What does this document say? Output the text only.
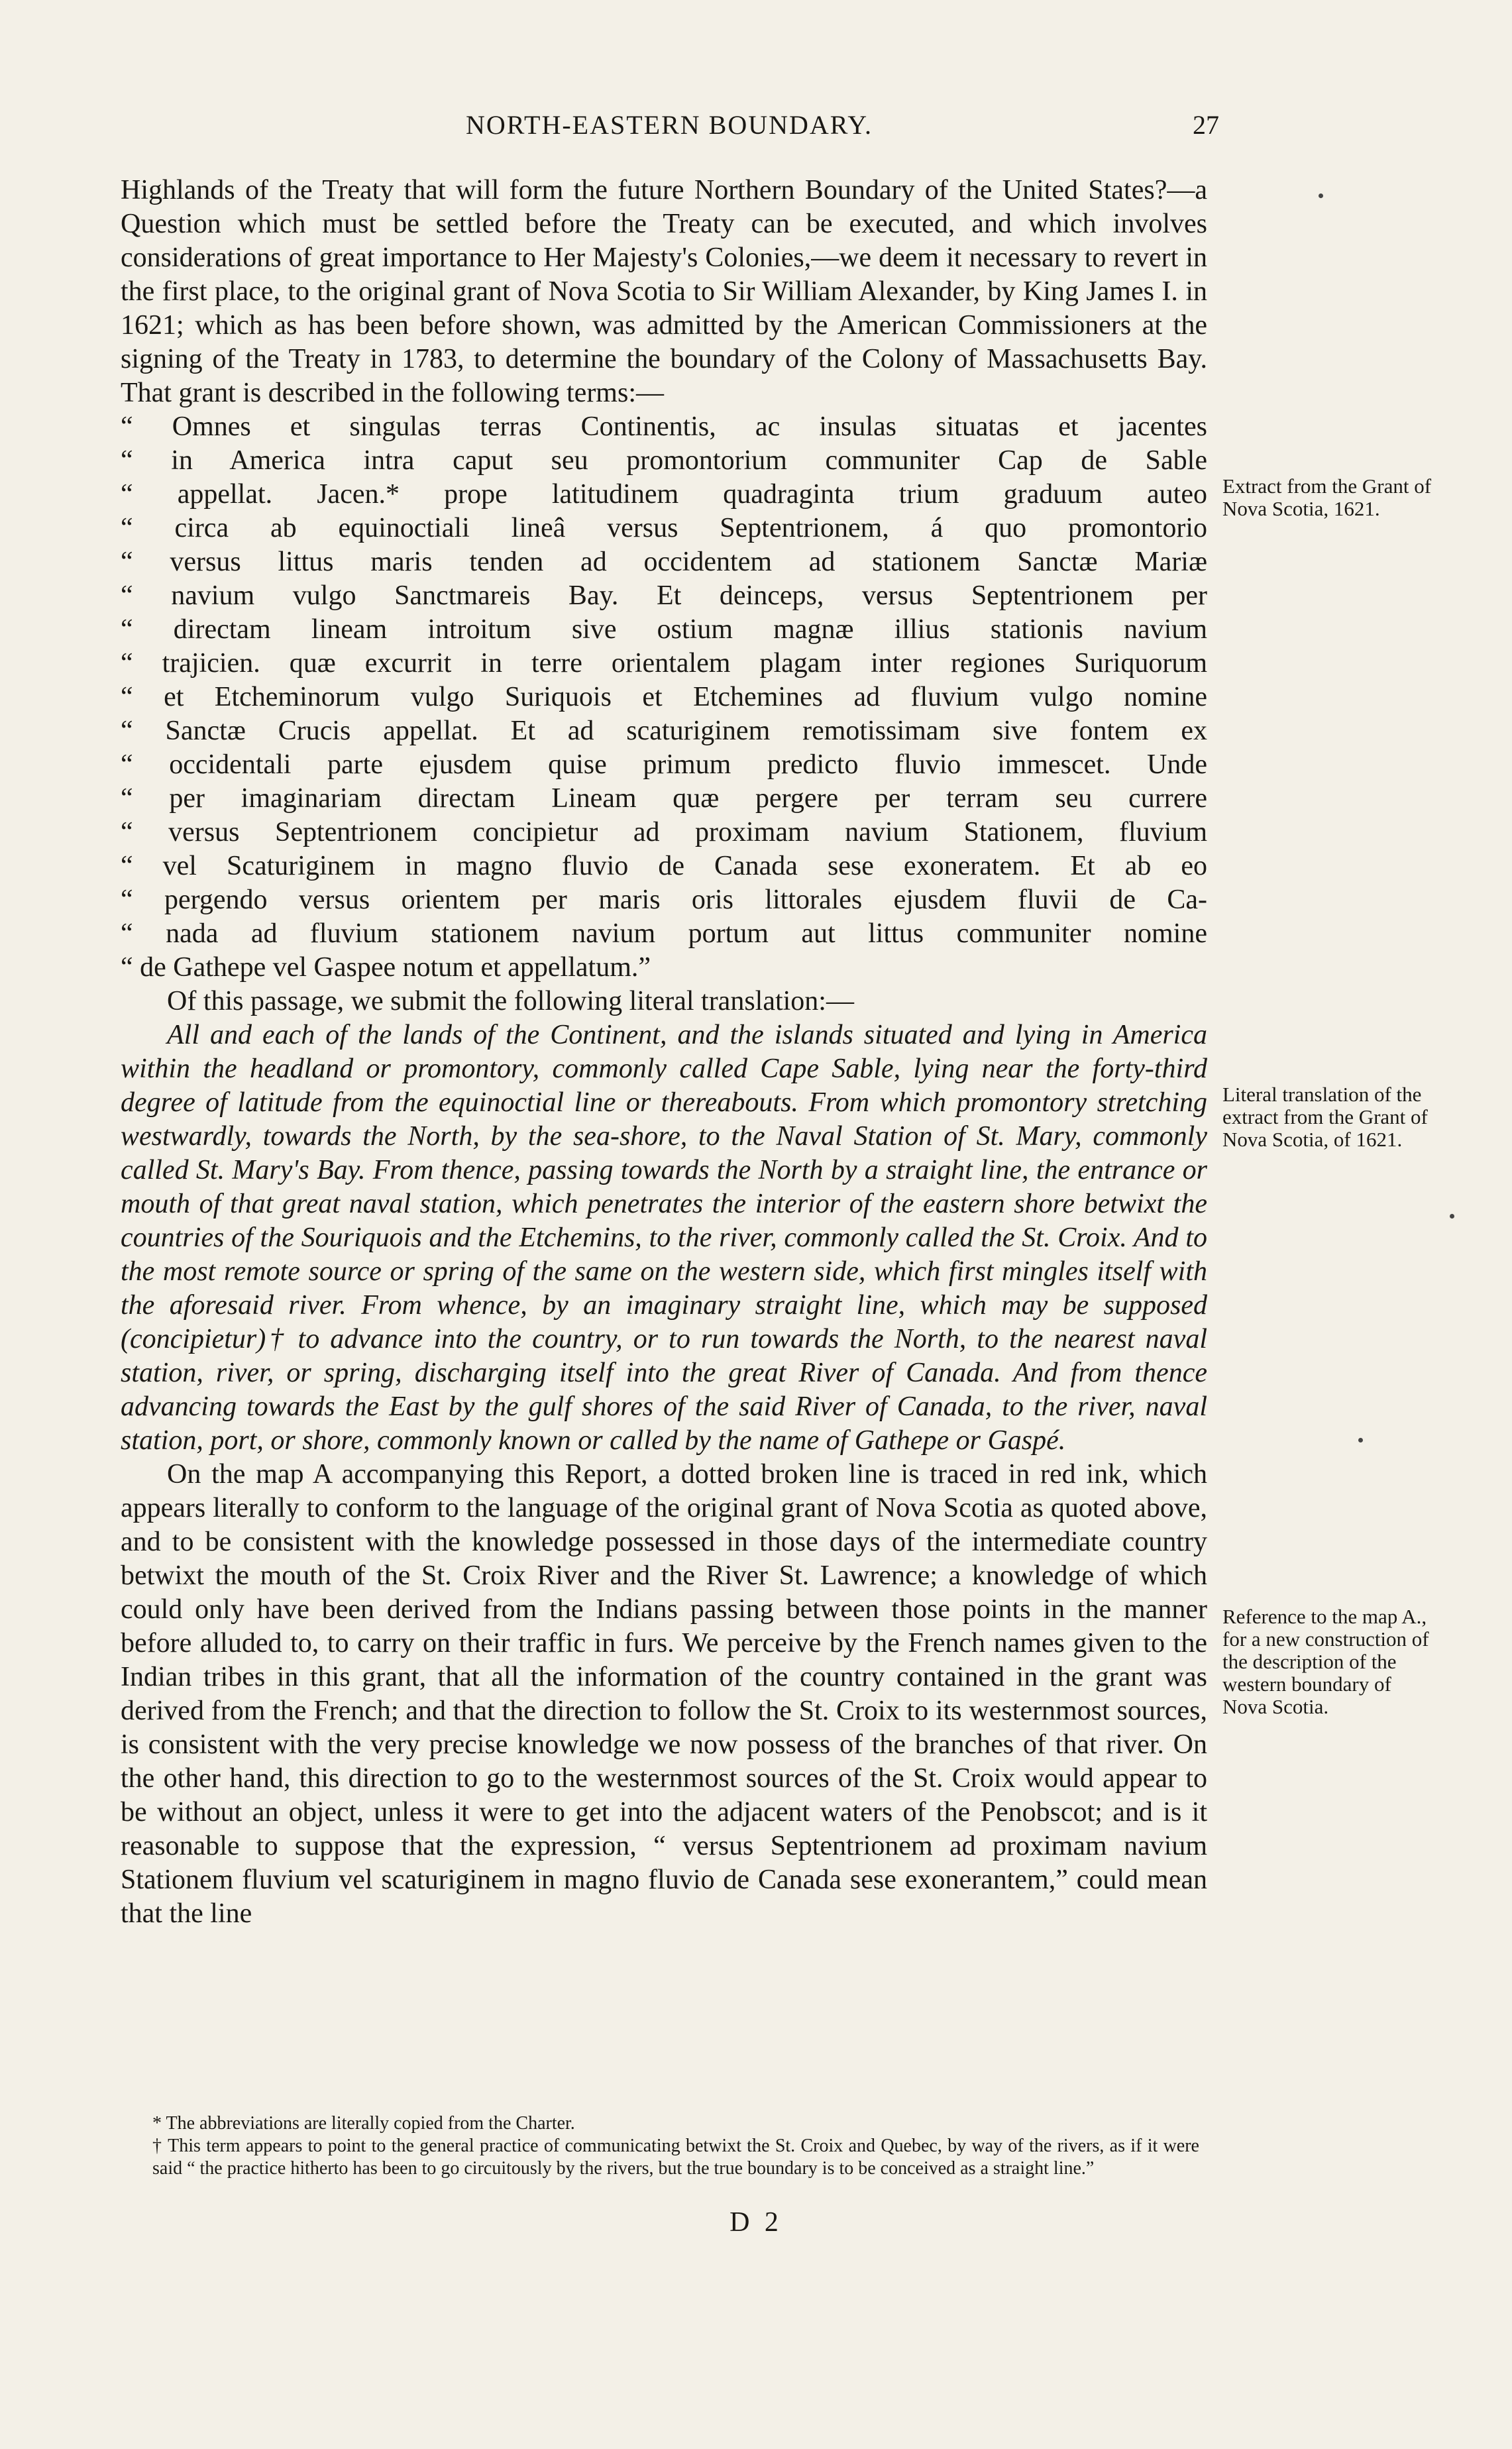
NORTH-EASTERN BOUNDARY.	27

Highlands of the Treaty that will form the future Northern Boundary of the United States?—a Question which must be settled before the Treaty can be executed, and which involves considerations of great importance to Her Majesty's Colonies,—we deem it necessary to revert in the first place, to the original grant of Nova Scotia to Sir William Alexander, by King James I. in 1621; which as has been before shown, was admitted by the American Commissioners at the signing of the Treaty in 1783, to determine the boundary of the Colony of Massachusetts Bay. That grant is described in the following terms:—

“ Omnes et singulas terras Continentis, ac insulas situatas et jacentes
“ in America intra caput seu promontorium communiter Cap de Sable
“ appellat. Jacen.* prope latitudinem quadraginta trium graduum auteo
“ circa ab equinoctiali lineâ versus Septentrionem, á quo promontorio
“ versus littus maris tenden ad occidentem ad stationem Sanctæ Mariæ
“ navium vulgo Sanctmareis Bay. Et deinceps, versus Septentrionem per
“ directam lineam introitum sive ostium magnæ illius stationis navium
“ trajicien. quæ excurrit in terre orientalem plagam inter regiones Suriquorum
“ et Etcheminorum vulgo Suriquois et Etchemines ad fluvium vulgo nomine
“ Sanctæ Crucis appellat. Et ad scaturiginem remotissimam sive fontem ex
“ occidentali parte ejusdem quise primum predicto fluvio immescet. Unde
“ per imaginariam directam Lineam quæ pergere per terram seu currere
“ versus Septentrionem concipietur ad proximam navium Stationem, fluvium
“ vel Scaturiginem in magno fluvio de Canada sese exoneratem. Et ab eo
“ pergendo versus orientem per maris oris littorales ejusdem fluvii de Ca-
“ nada ad fluvium stationem navium portum aut littus communiter nomine
“ de Gathepe vel Gaspee notum et appellatum.”

Of this passage, we submit the following literal translation:—

All and each of the lands of the Continent, and the islands situated and lying in America within the headland or promontory, commonly called Cape Sable, lying near the forty-third degree of latitude from the equinoctial line or thereabouts. From which promontory stretching westwardly, towards the North, by the sea-shore, to the Naval Station of St. Mary, commonly called St. Mary's Bay. From thence, passing towards the North by a straight line, the entrance or mouth of that great naval station, which penetrates the interior of the eastern shore betwixt the countries of the Souriquois and the Etchemins, to the river, commonly called the St. Croix. And to the most remote source or spring of the same on the western side, which first mingles itself with the aforesaid river. From whence, by an imaginary straight line, which may be supposed (concipietur)† to advance into the country, or to run towards the North, to the nearest naval station, river, or spring, discharging itself into the great River of Canada. And from thence advancing towards the East by the gulf shores of the said River of Canada, to the river, naval station, port, or shore, commonly known or called by the name of Gathepe or Gaspé.

On the map A accompanying this Report, a dotted broken line is traced in red ink, which appears literally to conform to the language of the original grant of Nova Scotia as quoted above, and to be consistent with the knowledge possessed in those days of the intermediate country betwixt the mouth of the St. Croix River and the River St. Lawrence; a knowledge of which could only have been derived from the Indians passing between those points in the manner before alluded to, to carry on their traffic in furs. We perceive by the French names given to the Indian tribes in this grant, that all the information of the country contained in the grant was derived from the French; and that the direction to follow the St. Croix to its westernmost sources, is consistent with the very precise knowledge we now possess of the branches of that river. On the other hand, this direction to go to the westernmost sources of the St. Croix would appear to be without an object, unless it were to get into the adjacent waters of the Penobscot; and is it reasonable to suppose that the expression, “ versus Septentrionem ad proximam navium Stationem fluvium vel scaturiginem in magno fluvio de Canada sese exonerantem,” could mean that the line

Extract from the Grant of Nova Scotia, 1621.
Literal translation of the extract from the Grant of Nova Scotia, of 1621.
Reference to the map A., for a new construction of the description of the western boundary of Nova Scotia.

* The abbreviations are literally copied from the Charter.

† This term appears to point to the general practice of communicating betwixt the St. Croix and Quebec, by way of the rivers, as if it were said “ the practice hitherto has been to go circuitously by the rivers, but the true boundary is to be conceived as a straight line.”

D 2
